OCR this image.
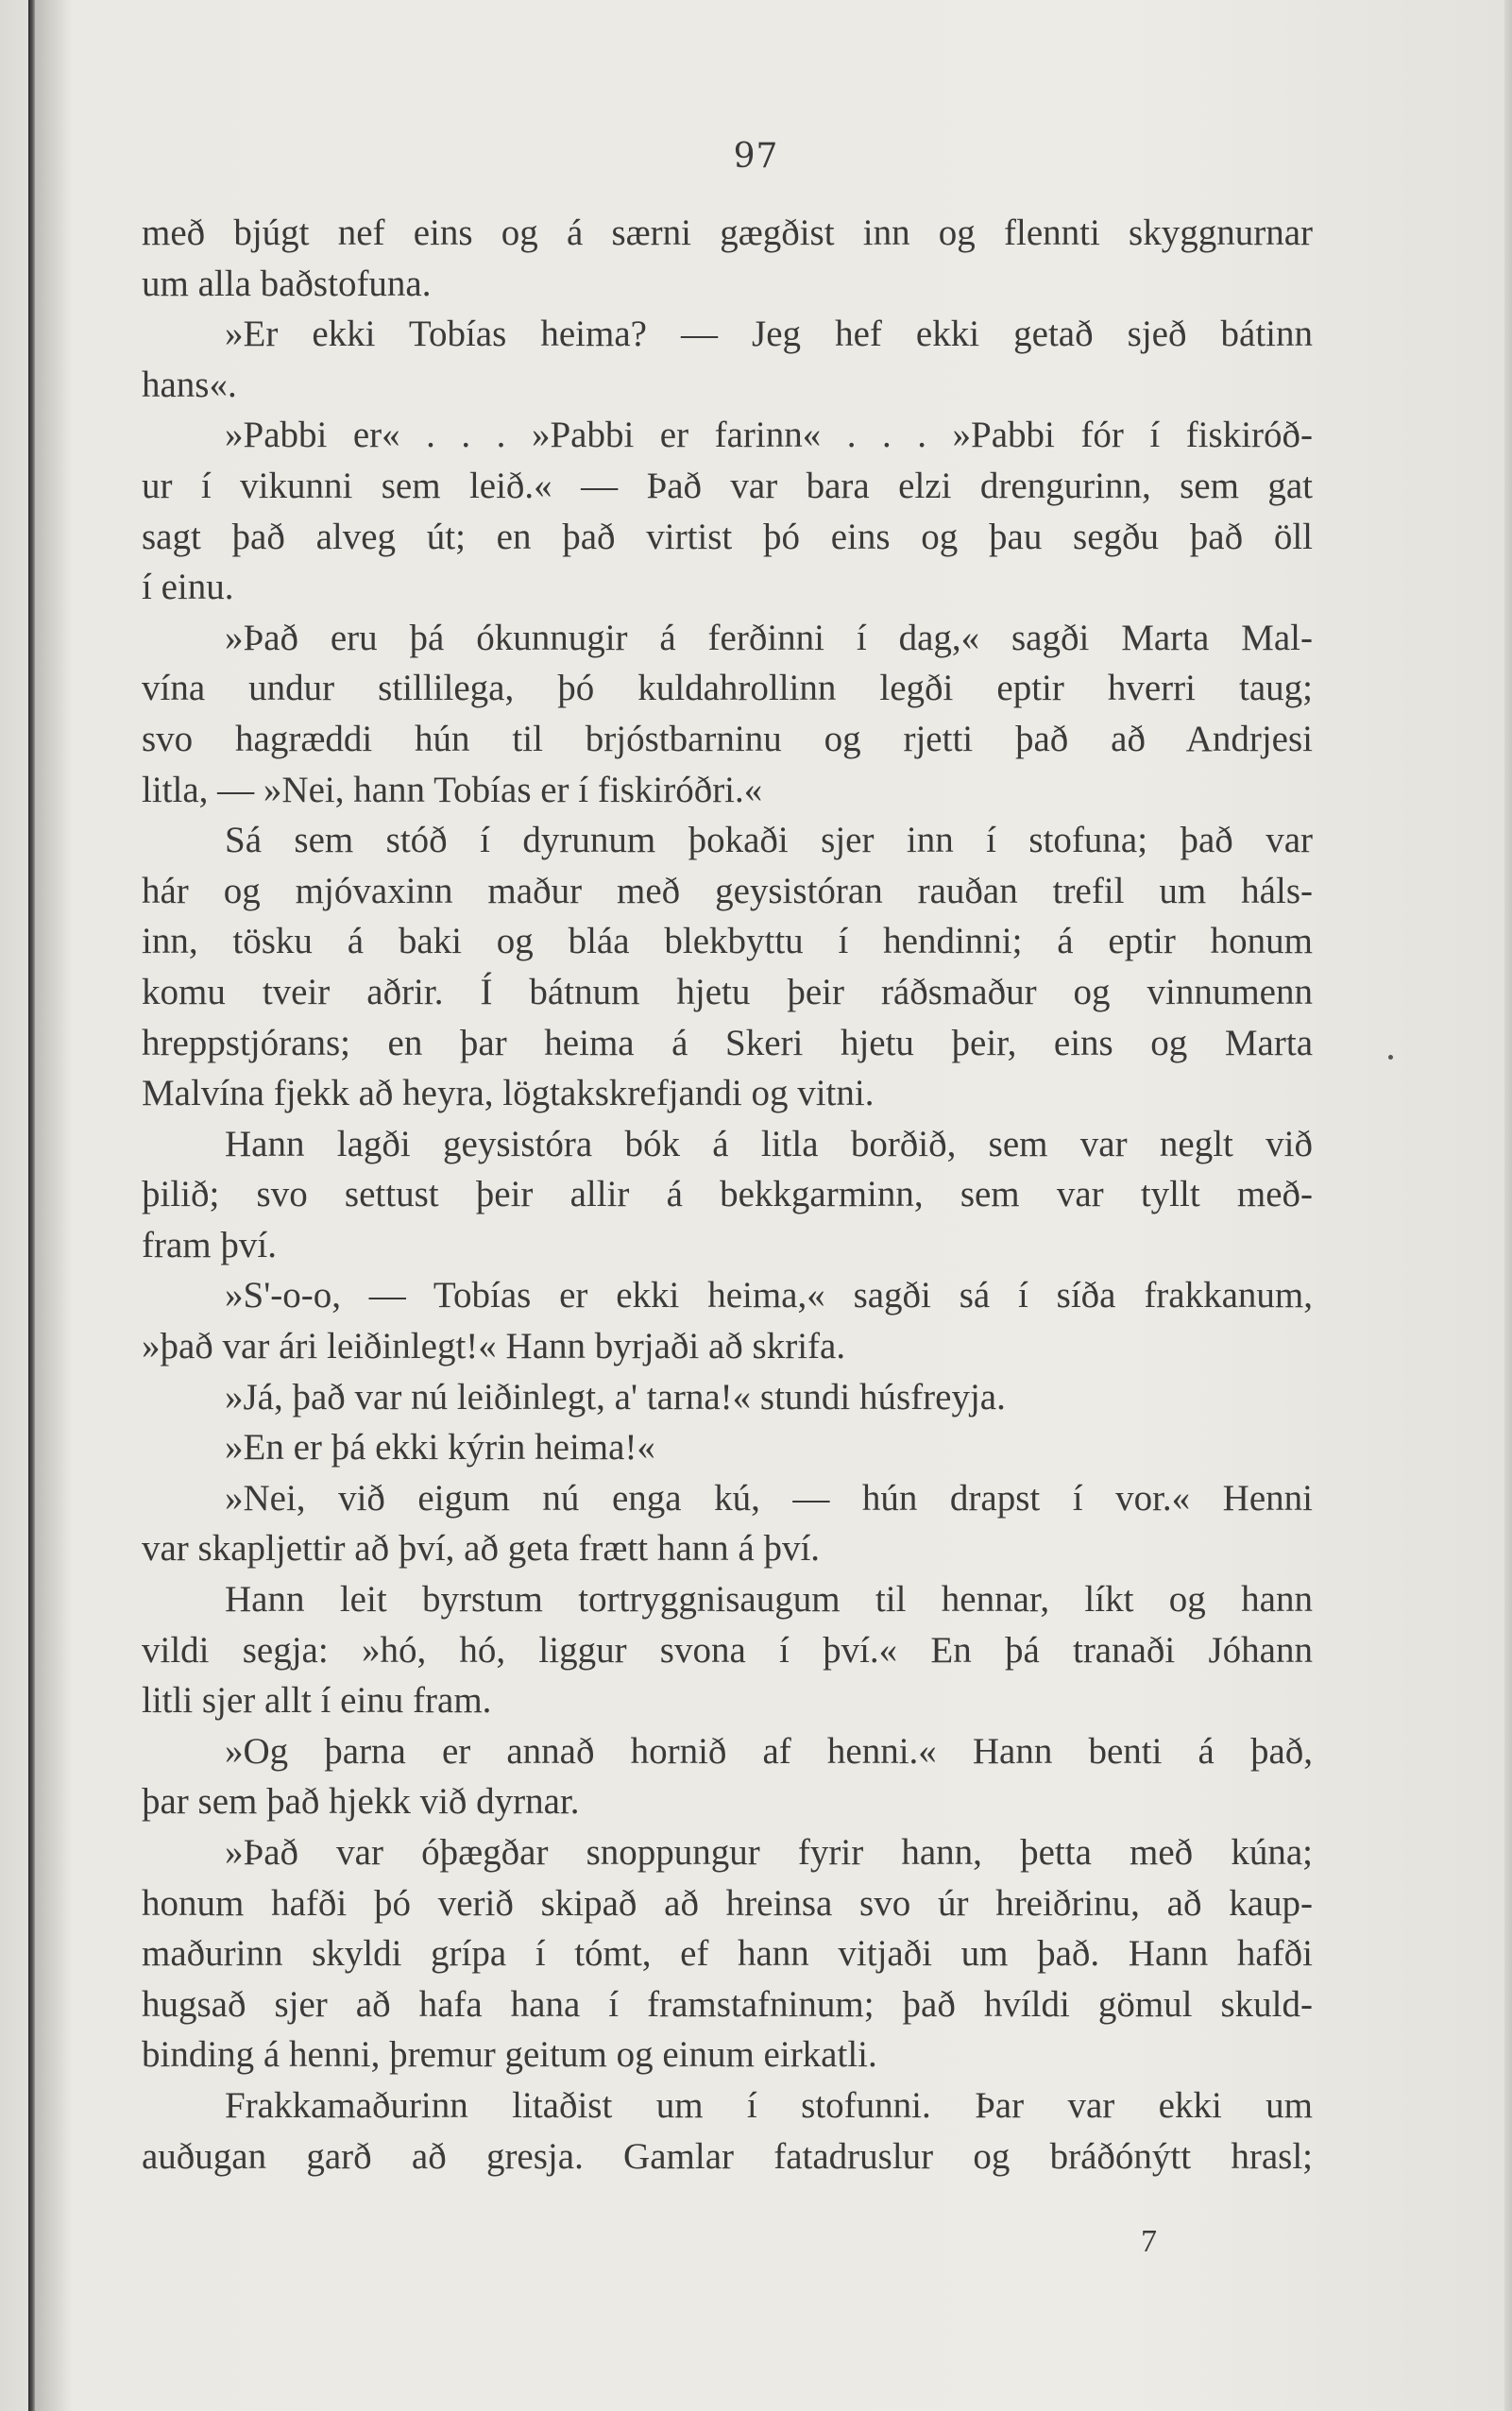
97
með bjúgt nef eins og á særni gægðist inn og flennti skyggnurnar
um alla baðstofuna.
»Er ekki Tobías heima? — Jeg hef ekki getað sjeð bátinn
hans«.
»Pabbi er« . . . »Pabbi er farinn« . . . »Pabbi fór í fiskiróð-
ur í vikunni sem leið.« — Það var bara elzi drengurinn, sem gat
sagt það alveg út; en það virtist þó eins og þau segðu það öll
í einu.
»Það eru þá ókunnugir á ferðinni í dag,« sagði Marta Mal-
vína undur stillilega, þó kuldahrollinn legði eptir hverri taug;
svo hagræddi hún til brjóstbarninu og rjetti það að Andrjesi
litla, — »Nei, hann Tobías er í fiskiróðri.«
Sá sem stóð í dyrunum þokaði sjer inn í stofuna; það var
hár og mjóvaxinn maður með geysistóran rauðan trefil um háls-
inn, tösku á baki og bláa blekbyttu í hendinni; á eptir honum
komu tveir aðrir. Í bátnum hjetu þeir ráðsmaður og vinnumenn
hreppstjórans; en þar heima á Skeri hjetu þeir, eins og Marta
Malvína fjekk að heyra, lögtakskrefjandi og vitni.
Hann lagði geysistóra bók á litla borðið, sem var neglt við
þilið; svo settust þeir allir á bekkgarminn, sem var tyllt með-
fram því.
»S'-o-o, — Tobías er ekki heima,« sagði sá í síða frakkanum,
»það var ári leiðinlegt!« Hann byrjaði að skrifa.
»Já, það var nú leiðinlegt, a' tarna!« stundi húsfreyja.
»En er þá ekki kýrin heima!«
»Nei, við eigum nú enga kú, — hún drapst í vor.« Henni
var skapljettir að því, að geta frætt hann á því.
Hann leit byrstum tortryggnisaugum til hennar, líkt og hann
vildi segja: »hó, hó, liggur svona í því.« En þá tranaði Jóhann
litli sjer allt í einu fram.
»Og þarna er annað hornið af henni.« Hann benti á það,
þar sem það hjekk við dyrnar.
»Það var óþægðar snoppungur fyrir hann, þetta með kúna;
honum hafði þó verið skipað að hreinsa svo úr hreiðrinu, að kaup-
maðurinn skyldi grípa í tómt, ef hann vitjaði um það. Hann hafði
hugsað sjer að hafa hana í framstafninum; það hvíldi gömul skuld-
binding á henni, þremur geitum og einum eirkatli.
Frakkamaðurinn litaðist um í stofunni. Þar var ekki um
auðugan garð að gresja. Gamlar fatadruslur og bráðónýtt hrasl;
7
